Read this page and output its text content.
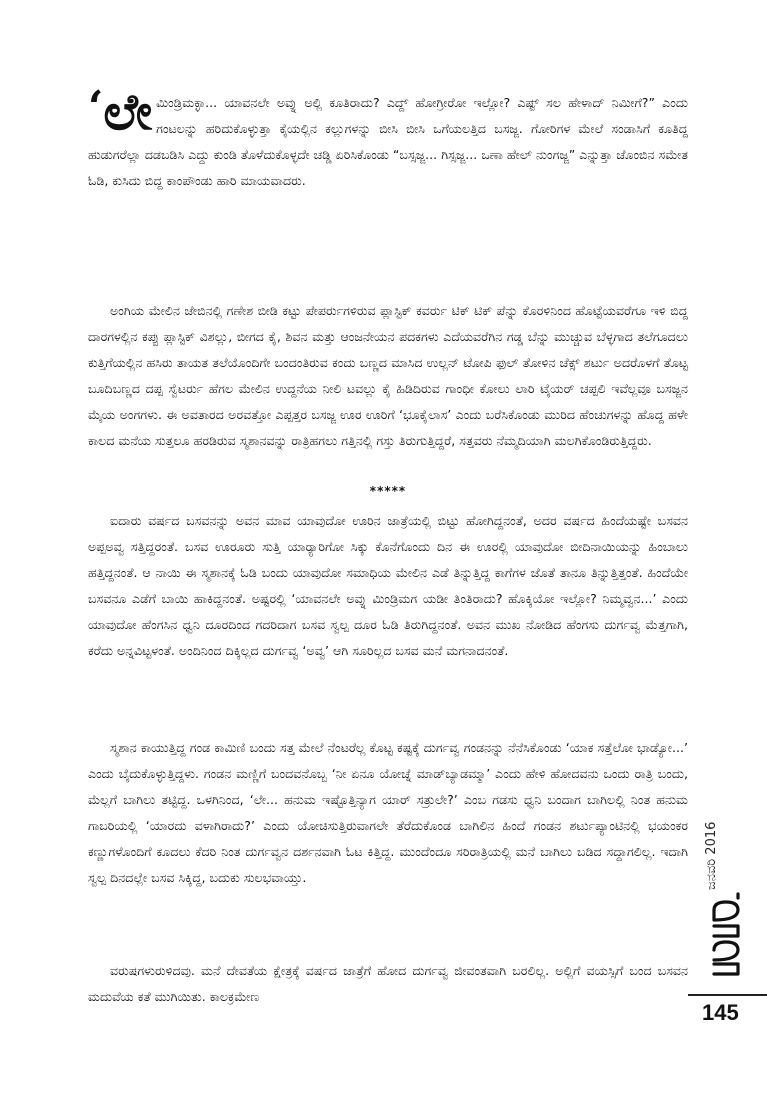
‘ ಲೇ ಮಿಂಡ್ರಿಮಕ್ಳಾ... ಯಾವನಲೇ ಅವ್ನು ಅಲ್ಲಿ ಕೂತಿರಾದು? ಎದ್ದ್ ಹೋಗ್ರೀರೋ ಇಲ್ಲೋ? ಎಷ್ಟ್ ಸಲ ಹೇಳಾದ್ ನಿಮೀಗೆ?” ಎಂದು ಗಂಟಲನ್ನು ಹರಿದುಕೊಳ್ಳುತ್ತಾ ಕೈಯಲ್ಲಿನ ಕಲ್ಲುಗಳನ್ನು ಬೀಸಿ ಬೀಸಿ ಒಗೆಯಲತ್ತಿದ ಬಸಜ್ಜ. ಗೋರಿಗಳ ಮೇಲೆ ಸಂಡಾಸಿಗೆ ಕೂತಿದ್ದ ಹುಡುಗರೆಲ್ಲಾ ದಡಬಡಿಸಿ ಎದ್ದು ಕುಂಡಿ ತೊಳೆದುಕೊಳ್ಳದೇ ಚಡ್ಡಿ ಏರಿಸಿಕೊಂಡು “ಬಸ್ಸಜ್ಜ... ಗಿಸ್ಸಜ್ಜ... ಒಣಾ ಹೇಲ್ ನುಂಗಜ್ಜ” ಎನ್ನುತ್ತಾ ಚೊಂಬಿನ ಸಮೇತ ಓಡಿ, ಕುಸಿದು ಬಿದ್ದ ಕಾಂಪೌಂಡು ಹಾರಿ ಮಾಯವಾದರು.

ಅಂಗಿಯ ಮೇಲಿನ ಜೇಬಿನಲ್ಲಿ ಗಣೇಶ ಬೀಡಿ ಕಟ್ಟು ಪೇಪರ್ರುಗಳಿರುವ ಪ್ಲಾಸ್ಟಿಕ್ ಕವರ್ರು ಟಿಕ್ ಟಿಕ್ ಪೆನ್ನು ಕೊರಳಿನಿಂದ ಹೊಟ್ಟೆಯವರೆಗೂ ಇಳಿ ಬಿದ್ದ ದಾರಗಳಲ್ಲಿನ ಕಪ್ಪು ಪ್ಲಾಸ್ಟಿಕ್ ವಿಶಲ್ಲು, ಬೀಗದ ಕೈ, ಶಿವನ ಮತ್ತು ಆಂಜನೇಯನ ಪದಕಗಳು ಎದೆಯವರೆಗಿನ ಗಡ್ಡ ಬೆನ್ನು ಮುಚ್ಚುವ ಬೆಳ್ಳಗಾದ ತಲೆಗೂದಲು ಕುತ್ತಿಗೆಯಲ್ಲಿನ ಹಸಿರು ತಾಯತ ತಲೆಯೊಂದಿಗೇ ಬಂದಂತಿರುವ ಕಂದು ಬಣ್ಣದ ಮಾಸಿದ ಉಲ್ಲನ್ ಟೋಪಿ ಫುಲ್ ತೋಳಿನ ಚೆಕ್ಸ್ ಶರ್ಟು ಅದರೊಳಗೆ ತೊಟ್ಟ ಬೂದಿಬಣ್ಣದ ದಪ್ಪ ಸ್ವೆಟರ್ರು ಹೆಗಲ ಮೇಲಿನ ಉದ್ದನೆಯ ನೀಲಿ ಟವಲ್ಲು ಕೈ ಹಿಡಿದಿರುವ ಗಾಂಧೀ ಕೋಲು ಲಾರಿ ಟೈಯರ್ ಚಪ್ಪಲಿ ಇವೆಲ್ಲವೂ ಬಸಜ್ಜನ ಮೈಯ ಅಂಗಗಳು. ಈ ಅವತಾರದ ಅರವತ್ತೋ ಎಪ್ಪತ್ತರ ಬಸಜ್ಜ ಊರ ಊರಿಗೆ ‘ಭೂಕೈಲಾಸ’ ಎಂದು ಬರೆಸಿಕೊಂಡು ಮುರಿದ ಹೆಂಚುಗಳನ್ನು ಹೊದ್ದ ಹಳೇ ಕಾಲದ ಮನೆಯ ಸುತ್ತಲೂ ಹರಡಿರುವ ಸ್ಮಶಾನವನ್ನು ರಾತ್ರಿಹಗಲು ಗತ್ತಿನಲ್ಲಿ ಗಸ್ತು ತಿರುಗುತ್ತಿದ್ದರೆ, ಸತ್ತವರು ನೆಮ್ಮದಿಯಾಗಿ ಮಲಗಿಕೊಂಡಿರುತ್ತಿದ್ದರು.

*****

ಐದಾರು ವರ್ಷದ ಬಸವನನ್ನು ಅವನ ಮಾವ ಯಾವುದೋ ಊರಿನ ಜಾತ್ರೆಯಲ್ಲಿ ಬಿಟ್ಟು ಹೋಗಿದ್ದನಂತೆ, ಅದರ ವರ್ಷದ ಹಿಂದೆಯಷ್ಟೇ ಬಸವನ ಅಪ್ಪಅವ್ವ ಸತ್ತಿದ್ದರಂತೆ. ಬಸವ ಊರೂರು ಸುತ್ತಿ ಯಾರ್‍ಯಾರಿಗೋ ಸಿಕ್ಕು ಕೊನೆಗೊಂದು ದಿನ ಈ ಊರಲ್ಲಿ ಯಾವುದೋ ಬೀದಿನಾಯಿಯನ್ನು ಹಿಂಬಾಲು ಹತ್ತಿದ್ದನಂತೆ. ಆ ನಾಯಿ ಈ ಸ್ಮಶಾನಕ್ಕೆ ಓಡಿ ಬಂದು ಯಾವುದೋ ಸಮಾಧಿಯ ಮೇಲಿನ ಎಡೆ ತಿನ್ನುತ್ತಿದ್ದ ಕಾಗೆಗಳ ಜೊತೆ ತಾನೂ ತಿನ್ನುತ್ತಿತ್ತಂತೆ. ಹಿಂದೆಯೇ ಬಸವನೂ ಎಡೆಗೆ ಬಾಯಿ ಹಾಕಿದ್ದನಂತೆ. ಅಷ್ಟರಲ್ಲಿ ‘ಯಾವನಲೇ ಅವ್ನು ಮಿಂಡ್ರಿಮಗ ಯಡೀ ತಿಂತಿರಾದು? ಹೊಕ್ಕಿಯೋ ಇಲ್ಲೋ? ನಿಮ್ಮವ್ವನ...’ ಎಂದು ಯಾವುದೋ ಹೆಂಗಸಿನ ಧ್ವನಿ ದೂರದಿಂದ ಗದರಿದಾಗ ಬಸವ ಸ್ವಲ್ಪ ದೂರ ಓಡಿ ತಿರುಗಿದ್ದನಂತೆ. ಅವನ ಮುಖ ನೋಡಿದ ಹೆಂಗಸು ದುರ್ಗವ್ವ ಮೆತ್ತಗಾಗಿ, ಕರೆದು ಅನ್ನವಿಟ್ಟಳಂತೆ. ಅಂದಿನಿಂದ ದಿಕ್ಕಿಲ್ಲದ ದುರ್ಗವ್ವ ‘ಅವ್ವ’ ಆಗಿ ಸೂರಿಲ್ಲದ ಬಸವ ಮನೆ ಮಗನಾದನಂತೆ.

ಸ್ಮಶಾನ ಕಾಯುತ್ತಿದ್ದ ಗಂಡ ಕಾಮಿಣಿ ಬಂದು ಸತ್ತ ಮೇಲೆ ನೆಂಟರೆಲ್ಲ ಕೊಟ್ಟ ಕಷ್ಟಕ್ಕೆ ದುರ್ಗವ್ವ ಗಂಡನನ್ನು ನೆನೆಸಿಕೊಂಡು ‘ಯಾಕ ಸತ್ತೆಲೋ ಭಾಡ್ಯೋ...’ ಎಂದು ಬೈದುಕೊಳ್ಳುತ್ತಿದ್ದಳು. ಗಂಡನ ಮಣ್ಣಿಗೆ ಬಂದವನೊಬ್ಬ ‘ನೀ ಏನೂ ಯೋಚ್ನೆ ಮಾಡ್‌ಬ್ಯಾಡಮ್ಮಾ’ ಎಂದು ಹೇಳಿ ಹೋದವನು ಒಂದು ರಾತ್ರಿ ಬಂದು, ಮೆಲ್ಲಗೆ ಬಾಗಿಲು ತಟ್ಟಿದ್ದ. ಒಳಗಿನಿಂದ, ‘ಲೇ... ಹನುಮ ಇಷ್ಟೊತ್ತಿನ್ಯಾಗ ಯಾರ್ ಸತ್ರುಲೇ?’ ಎಂಬ ಗಡಸು ಧ್ವನಿ ಬಂದಾಗ ಬಾಗಿಲಲ್ಲಿ ನಿಂತ ಹನುಮ ಗಾಬರಿಯಲ್ಲಿ ‘ಯಾರದು ವಳಾಗಿರಾದು?’ ಎಂದು ಯೋಚಿಸುತ್ತಿರುವಾಗಲೇ ತೆರೆದುಕೊಂಡ ಬಾಗಿಲಿನ ಹಿಂದೆ ಗಂಡನ ಶರ್ಟುಪ್ಯಾಂಟಿನಲ್ಲಿ ಭಯಂಕರ ಕಣ್ಣುಗಳೊಂದಿಗೆ ಕೂದಲು ಕೆದರಿ ನಿಂತ ದುರ್ಗವ್ವನ ದರ್ಶನವಾಗಿ ಓಟ ಕಿತ್ತಿದ್ದ. ಮುಂದೆಂದೂ ಸರಿರಾತ್ರಿಯಲ್ಲಿ ಮನೆ ಬಾಗಿಲು ಬಡಿದ ಸದ್ದಾಗಲಿಲ್ಲ. ಇದಾಗಿ ಸ್ವಲ್ಪ ದಿನದಲ್ಲೇ ಬಸವ ಸಿಕ್ಕಿದ್ದ, ಬದುಕು ಸುಲಭವಾಯ್ತು.

ವರುಷಗಳುರುಳಿದವು. ಮನೆ ದೇವತೆಯ ಕ್ಷೇತ್ರಕ್ಕೆ ವರ್ಷದ ಜಾತ್ರೆಗೆ ಹೋದ ದುರ್ಗವ್ವ ಜೀವಂತವಾಗಿ ಬರಲಿಲ್ಲ. ಅಲ್ಲಿಗೆ ವಯಸ್ಸಿಗೆ ಬಂದ ಬಸವನ ಮದುವೆಯ ಕತೆ ಮುಗಿಯಿತು. ಕಾಲಕ್ರಮೇಣ

ಜನವರಿ 2016
145
